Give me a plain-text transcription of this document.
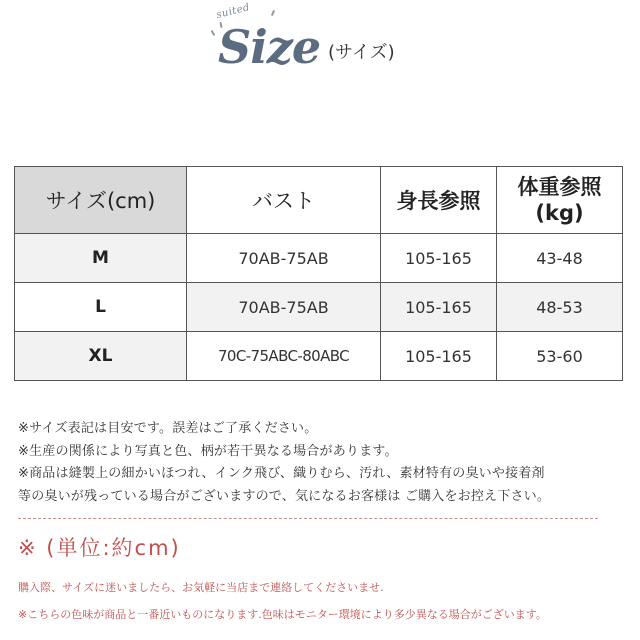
suited
Size (サイズ)
サイズ(cm)	バスト	身長参照	体重参照
(kg)
M	70AB-75AB	105-165	43-48
L	70AB-75AB	105-165	48-53
XL	70C-75ABC-80ABC	105-165	53-60
※サイズ表記は目安です。誤差はご了承ください。
※生産の関係により写真と色、柄が若干異なる場合があります。
※商品は縫製上の細かいほつれ、インク飛び、織りむら、汚れ、素材特有の臭いや接着剤
等の臭いが残っている場合がございますので、気になるお客様は ご購入をお控え下さい。
※ (単位:約cm)
購入際、サイズに迷いましたら、お気軽に当店まで連絡してくださいませ.
※こちらの色味が商品と一番近いものになります.色味はモニター環境により多少異なる場合がございます。
